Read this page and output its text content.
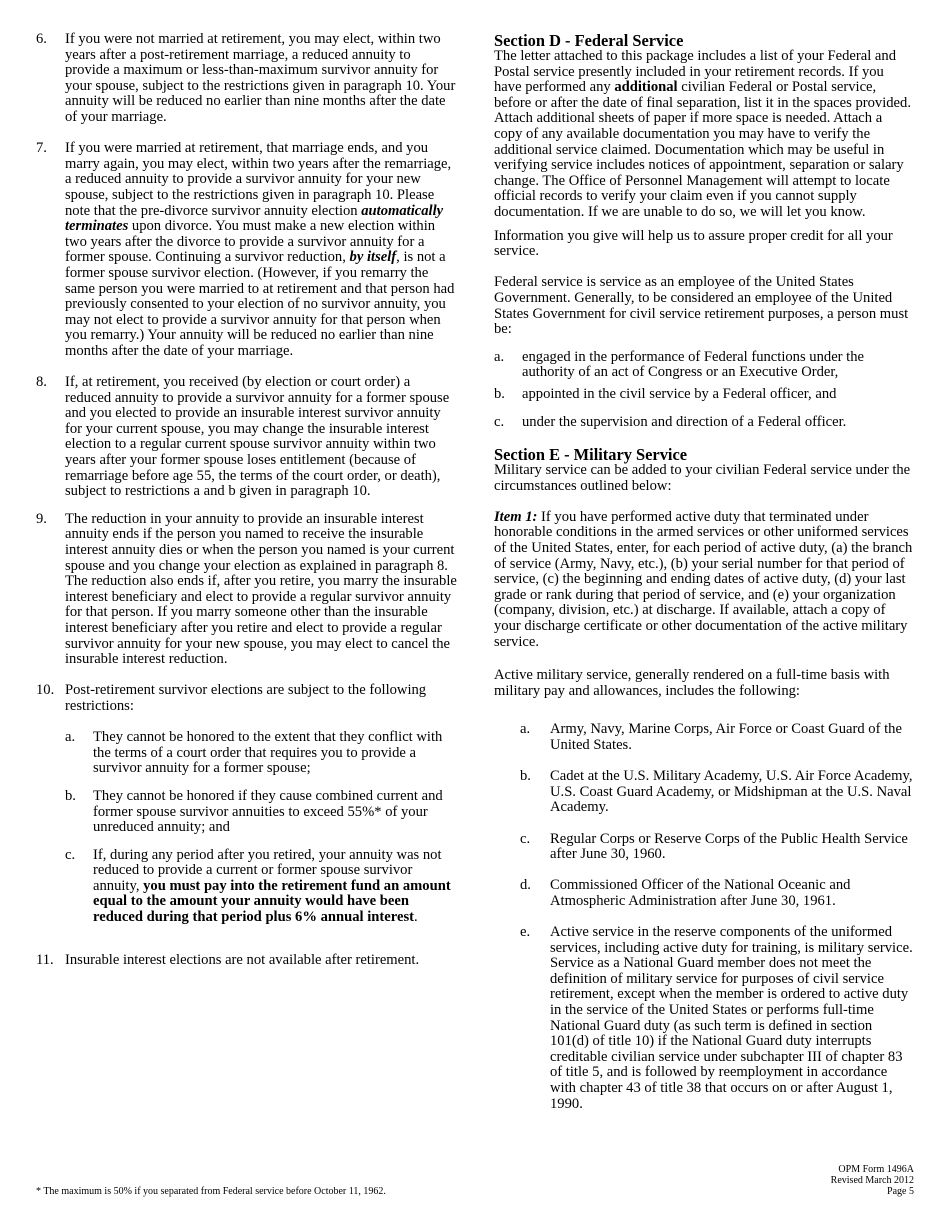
6.	If you were not married at retirement, you may elect, within two years after a post-retirement marriage, a reduced annuity to provide a maximum or less-than-maximum survivor annuity for your spouse, subject to the restrictions given in paragraph 10. Your annuity will be reduced no earlier than nine months after the date of your marriage.
7.	If you were married at retirement, that marriage ends, and you marry again, you may elect, within two years after the remarriage, a reduced annuity to provide a survivor annuity for your new spouse, subject to the restrictions given in paragraph 10. Please note that the pre-divorce survivor annuity election automatically terminates upon divorce. You must make a new election within two years after the divorce to provide a survivor annuity for a former spouse. Continuing a survivor reduction, by itself, is not a former spouse survivor election. (However, if you remarry the same person you were married to at retirement and that person had previously consented to your election of no survivor annuity, you may not elect to provide a survivor annuity for that person when you remarry.) Your annuity will be reduced no earlier than nine months after the date of your marriage.
8.	If, at retirement, you received (by election or court order) a reduced annuity to provide a survivor annuity for a former spouse and you elected to provide an insurable interest survivor annuity for your current spouse, you may change the insurable interest election to a regular current spouse survivor annuity within two years after your former spouse loses entitlement (because of remarriage before age 55, the terms of the court order, or death), subject to restrictions a and b given in paragraph 10.
9.	The reduction in your annuity to provide an insurable interest annuity ends if the person you named to receive the insurable interest annuity dies or when the person you named is your current spouse and you change your election as explained in paragraph 8. The reduction also ends if, after you retire, you marry the insurable interest beneficiary and elect to provide a regular survivor annuity for that person. If you marry someone other than the insurable interest beneficiary after you retire and elect to provide a regular survivor annuity for your new spouse, you may elect to cancel the insurable interest reduction.
10. Post-retirement survivor elections are subject to the following restrictions:
a.	They cannot be honored to the extent that they conflict with the terms of a court order that requires you to provide a survivor annuity for a former spouse;
b.	They cannot be honored if they cause combined current and former spouse survivor annuities to exceed 55%* of your unreduced annuity; and
c.	If, during any period after you retired, your annuity was not reduced to provide a current or former spouse survivor annuity, you must pay into the retirement fund an amount equal to the amount your annuity would have been reduced during that period plus 6% annual interest.
11. Insurable interest elections are not available after retirement.
Section D - Federal Service

The letter attached to this package includes a list of your Federal and Postal service presently included in your retirement records. If you have performed any additional civilian Federal or Postal service, before or after the date of final separation, list it in the spaces provided. Attach additional sheets of paper if more space is needed. Attach a copy of any available documentation you may have to verify the additional service claimed. Documentation which may be useful in verifying service includes notices of appointment, separation or salary change. The Office of Personnel Management will attempt to locate official records to verify your claim even if you cannot supply documentation. If we are unable to do so, we will let you know.

Information you give will help us to assure proper credit for all your service.

Federal service is service as an employee of the United States Government. Generally, to be considered an employee of the United States Government for civil service retirement purposes, a person must be:

a.	engaged in the performance of Federal functions under the authority of an act of Congress or an Executive Order,
b.	appointed in the civil service by a Federal officer, and
c.	under the supervision and direction of a Federal officer.
Section E - Military Service

Military service can be added to your civilian Federal service under the circumstances outlined below:

Item 1: If you have performed active duty that terminated under honorable conditions in the armed services or other uniformed services of the United States, enter, for each period of active duty, (a) the branch of service (Army, Navy, etc.), (b) your serial number for that period of service, (c) the beginning and ending dates of active duty, (d) your last grade or rank during that period of service, and (e) your organization (company, division, etc.) at discharge. If available, attach a copy of your discharge certificate or other documentation of the active military service.

Active military service, generally rendered on a full-time basis with military pay and allowances, includes the following:

a.	Army, Navy, Marine Corps, Air Force or Coast Guard of the United States.
b.	Cadet at the U.S. Military Academy, U.S. Air Force Academy, U.S. Coast Guard Academy, or Midshipman at the U.S. Naval Academy.
c.	Regular Corps or Reserve Corps of the Public Health Service after June 30, 1960.
d.	Commissioned Officer of the National Oceanic and Atmospheric Administration after June 30, 1961.
e.	Active service in the reserve components of the uniformed services, including active duty for training, is military service. Service as a National Guard member does not meet the definition of military service for purposes of civil service retirement, except when the member is ordered to active duty in the service of the United States or performs full-time National Guard duty (as such term is defined in section 101(d) of title 10) if the National Guard duty interrupts creditable civilian service under subchapter III of chapter 83 of title 5, and is followed by reemployment in accordance with chapter 43 of title 38 that occurs on or after August 1, 1990.
* The maximum is 50% if you separated from Federal service before October 11, 1962.
OPM Form 1496A
Revised March 2012
Page 5
